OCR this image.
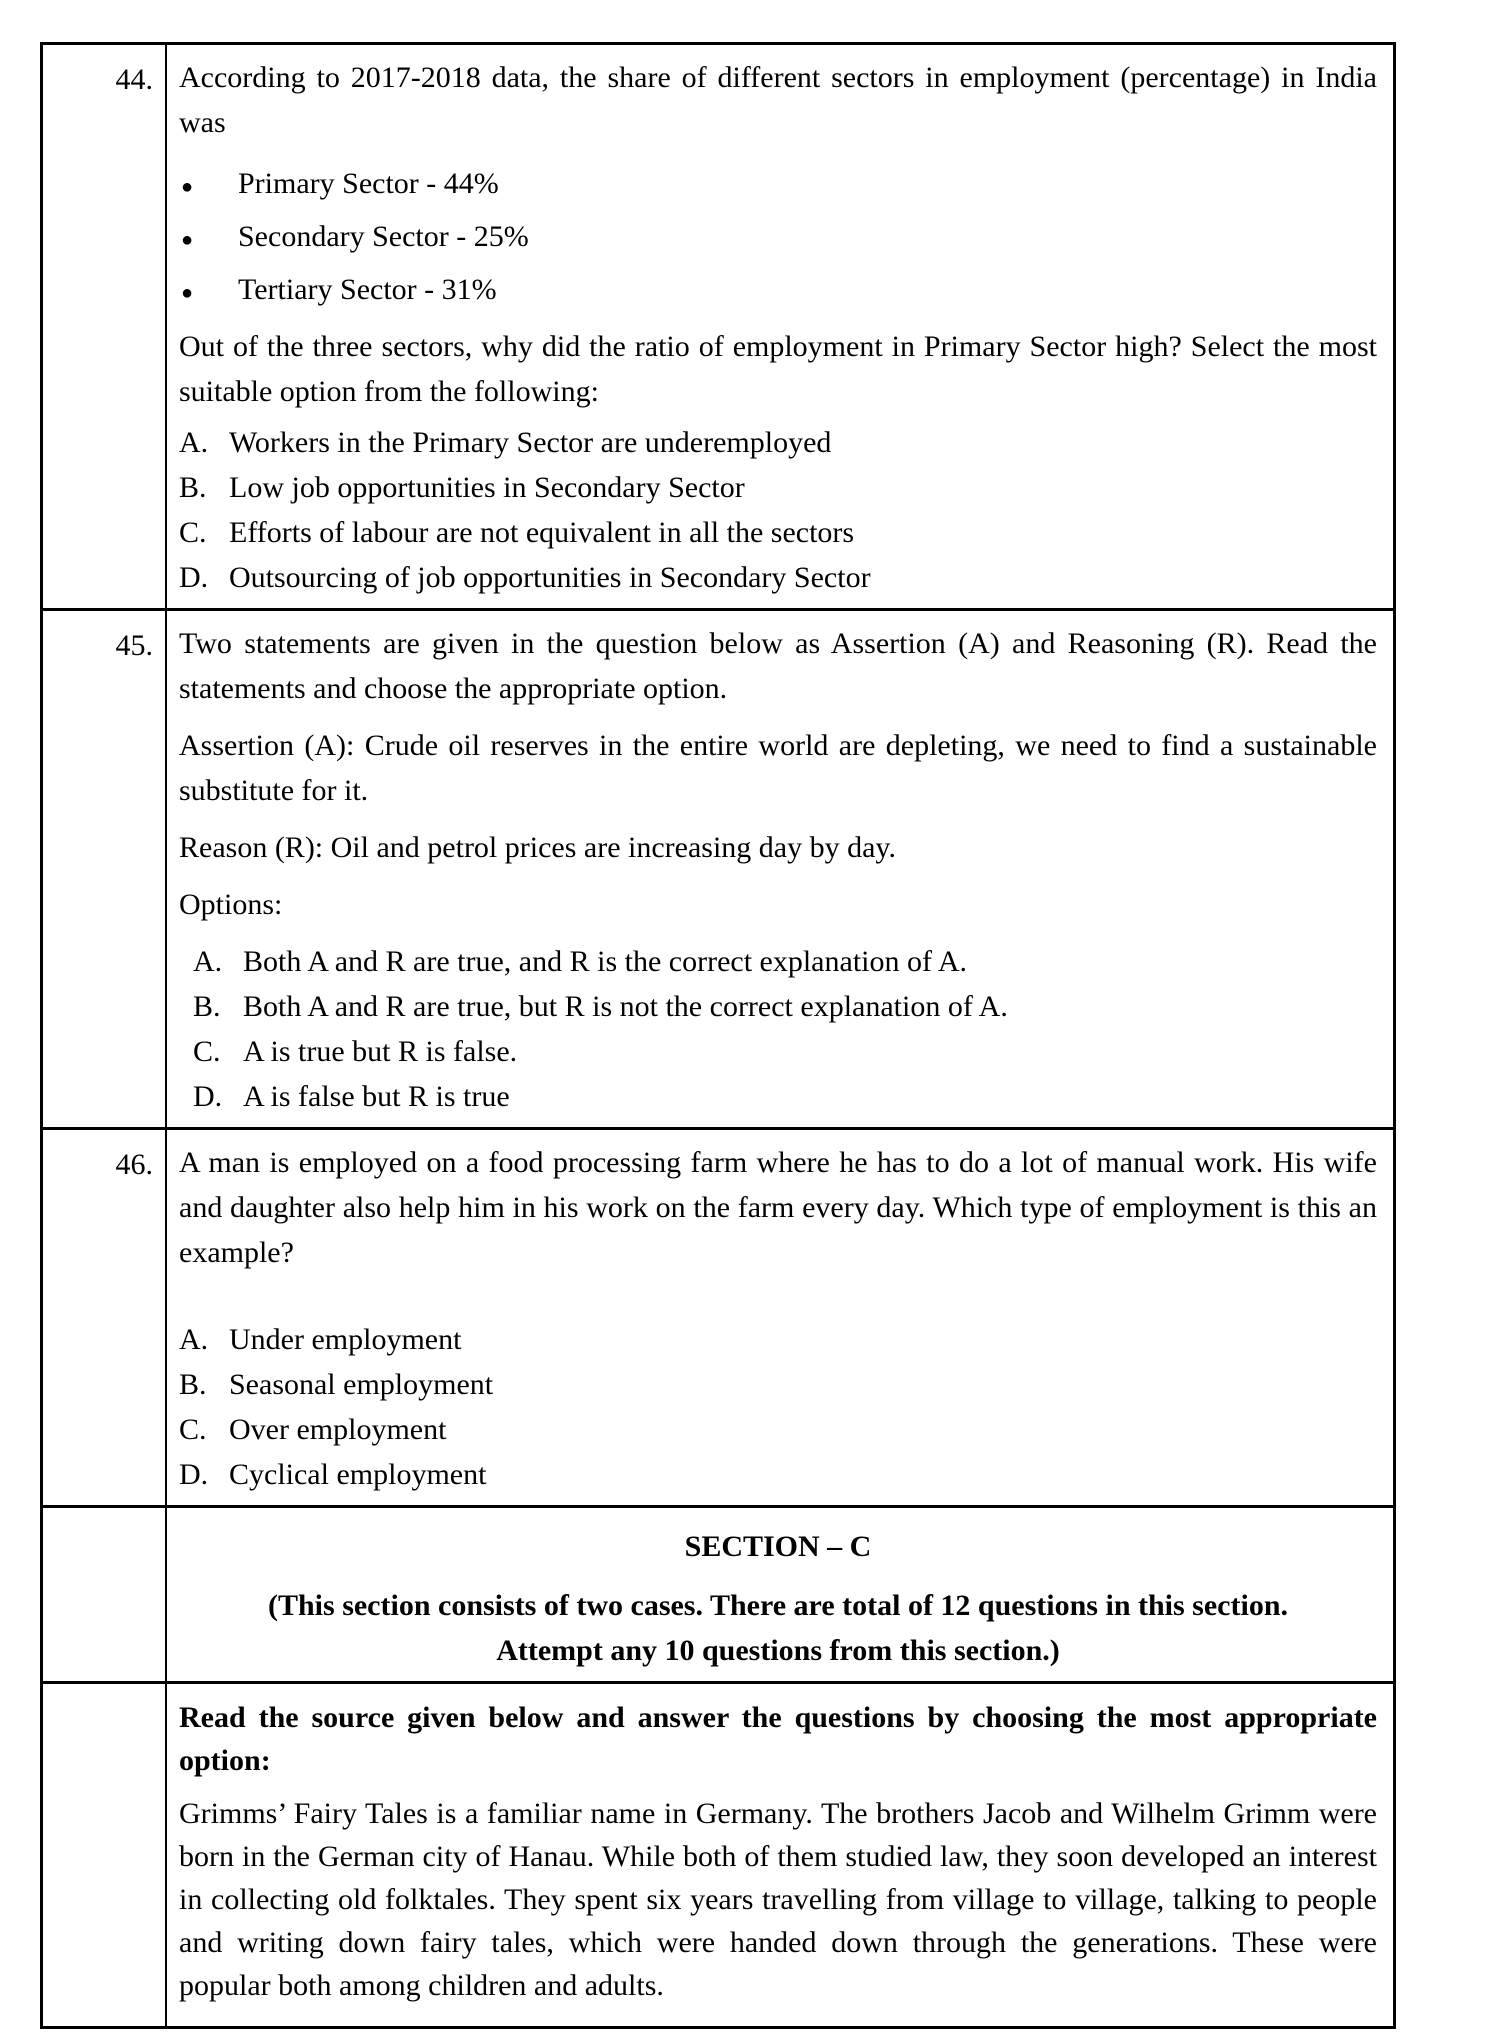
44. According to 2017-2018 data, the share of different sectors in employment (percentage) in India was

●	Primary Sector - 44%
●	Secondary Sector - 25%
●	Tertiary Sector - 31%

Out of the three sectors, why did the ratio of employment in Primary Sector high? Select the most suitable option from the following:

A. Workers in the Primary Sector are underemployed
B. Low job opportunities in Secondary Sector
C. Efforts of labour are not equivalent in all the sectors
D. Outsourcing of job opportunities in Secondary Sector
45. Two statements are given in the question below as Assertion (A) and Reasoning (R). Read the statements and choose the appropriate option.

Assertion (A): Crude oil reserves in the entire world are depleting, we need to find a sustainable substitute for it.

Reason (R): Oil and petrol prices are increasing day by day.

Options:

A. Both A and R are true, and R is the correct explanation of A.
B. Both A and R are true, but R is not the correct explanation of A.
C. A is true but R is false.
D. A is false but R is true
46. A man is employed on a food processing farm where he has to do a lot of manual work. His wife and daughter also help him in his work on the farm every day. Which type of employment is this an example?

A. Under employment
B. Seasonal employment
C. Over employment
D. Cyclical employment
SECTION – C
(This section consists of two cases. There are total of 12 questions in this section.
Attempt any 10 questions from this section.)

Read the source given below and answer the questions by choosing the most appropriate option:

Grimms’ Fairy Tales is a familiar name in Germany. The brothers Jacob and Wilhelm Grimm were born in the German city of Hanau. While both of them studied law, they soon developed an interest in collecting old folktales. They spent six years travelling from village to village, talking to people and writing down fairy tales, which were handed down through the generations. These were popular both among children and adults.
